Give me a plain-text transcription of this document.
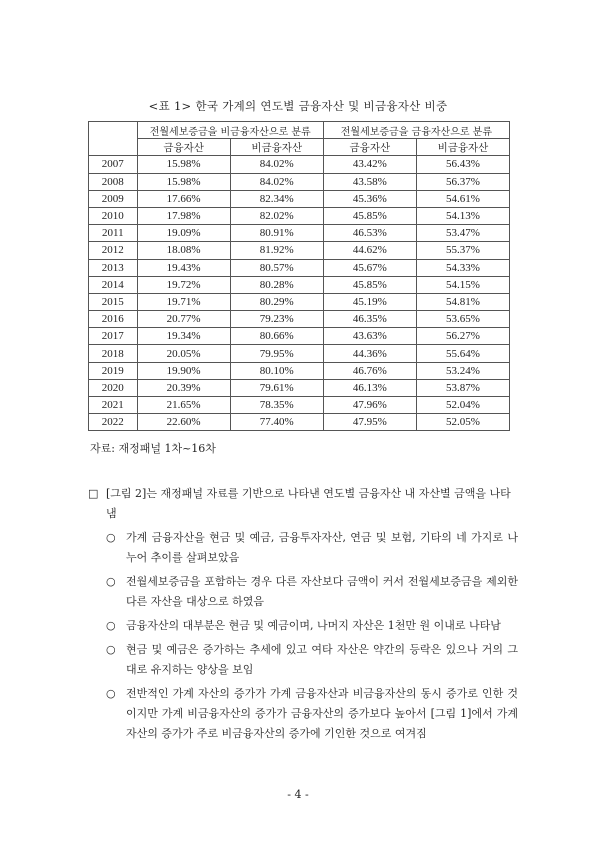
<표 1> 한국 가계의 연도별 금융자산 및 비금융자산 비중
	전월세보증금을 비금융자산으로 분류		전월세보증금을 금융자산으로 분류	
	금융자산	비금융자산	금융자산	비금융자산
2007	15.98%	84.02%	43.42%	56.43%
2008	15.98%	84.02%	43.58%	56.37%
2009	17.66%	82.34%	45.36%	54.61%
2010	17.98%	82.02%	45.85%	54.13%
2011	19.09%	80.91%	46.53%	53.47%
2012	18.08%	81.92%	44.62%	55.37%
2013	19.43%	80.57%	45.67%	54.33%
2014	19.72%	80.28%	45.85%	54.15%
2015	19.71%	80.29%	45.19%	54.81%
2016	20.77%	79.23%	46.35%	53.65%
2017	19.34%	80.66%	43.63%	56.27%
2018	20.05%	79.95%	44.36%	55.64%
2019	19.90%	80.10%	46.76%	53.24%
2020	20.39%	79.61%	46.13%	53.87%
2021	21.65%	78.35%	47.96%	52.04%
2022	22.60%	77.40%	47.95%	52.05%
자료: 재정패널 1차~16차
□ [그림 2]는 재정패널 자료를 기반으로 나타낸 연도별 금융자산 내 자산별 금액을 나타냄
○ 가계 금융자산을 현금 및 예금, 금융투자자산, 연금 및 보험, 기타의 네 가지로 나누어 추이를 살펴보았음
○ 전월세보증금을 포함하는 경우 다른 자산보다 금액이 커서 전월세보증금을 제외한 다른 자산을 대상으로 하였음
○ 금융자산의 대부분은 현금 및 예금이며, 나머지 자산은 1천만 원 이내로 나타남
○ 현금 및 예금은 증가하는 추세에 있고 여타 자산은 약간의 등락은 있으나 거의 그대로 유지하는 양상을 보임
○ 전반적인 가계 자산의 증가가 가계 금융자산과 비금융자산의 동시 증가로 인한 것이지만 가계 비금융자산의 증가가 금융자산의 증가보다 높아서 [그림 1]에서 가계 자산의 증가가 주로 비금융자산의 증가에 기인한 것으로 여겨짐
- 4 -
